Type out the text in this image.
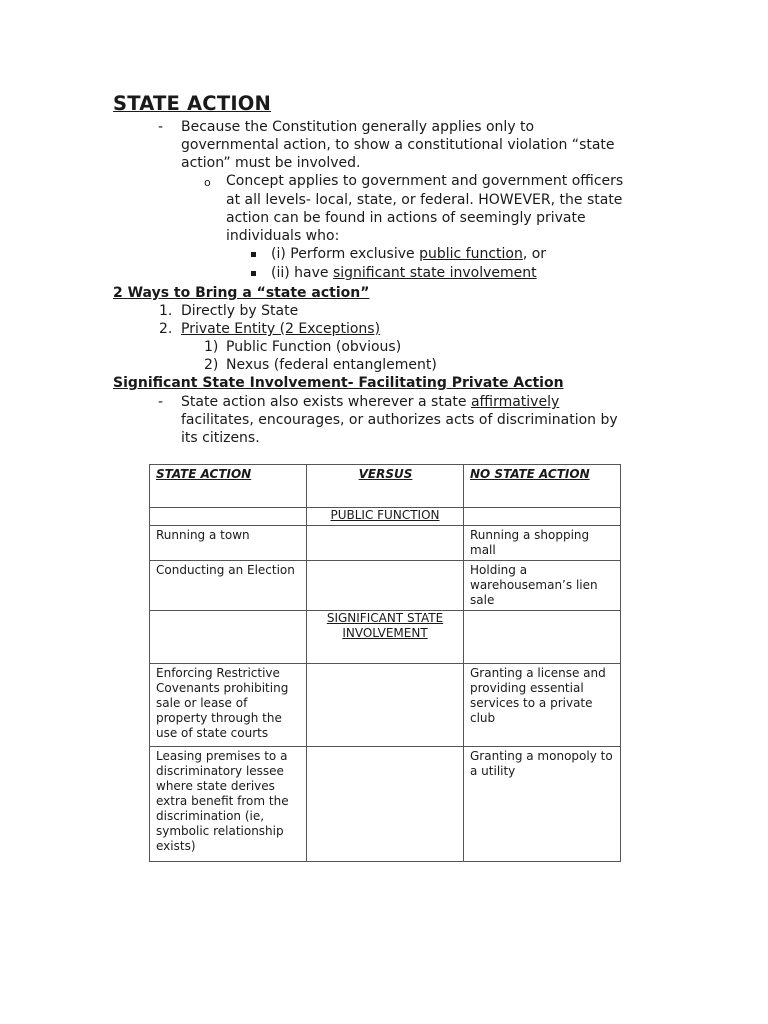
STATE ACTION
- Because the Constitution generally applies only to
governmental action, to show a constitutional violation “state
action” must be involved.
o Concept applies to government and government officers
at all levels- local, state, or federal. HOWEVER, the state
action can be found in actions of seemingly private
individuals who:
(i) Perform exclusive public function, or
(ii) have significant state involvement
2 Ways to Bring a “state action”
1. Directly by State
2. Private Entity (2 Exceptions)
1) Public Function (obvious)
2) Nexus (federal entanglement)
Significant State Involvement- Facilitating Private Action
- State action also exists wherever a state affirmatively
facilitates, encourages, or authorizes acts of discrimination by
its citizens.
STATE ACTION	VERSUS	NO STATE ACTION
	PUBLIC FUNCTION	
Running a town		Running a shopping mall
Conducting an Election		Holding a warehouseman’s lien sale
	SIGNIFICANT STATE INVOLVEMENT	
Enforcing Restrictive Covenants prohibiting sale or lease of property through the use of state courts		Granting a license and providing essential services to a private club
Leasing premises to a discriminatory lessee where state derives extra benefit from the discrimination (ie, symbolic relationship exists)		Granting a monopoly to a utility
